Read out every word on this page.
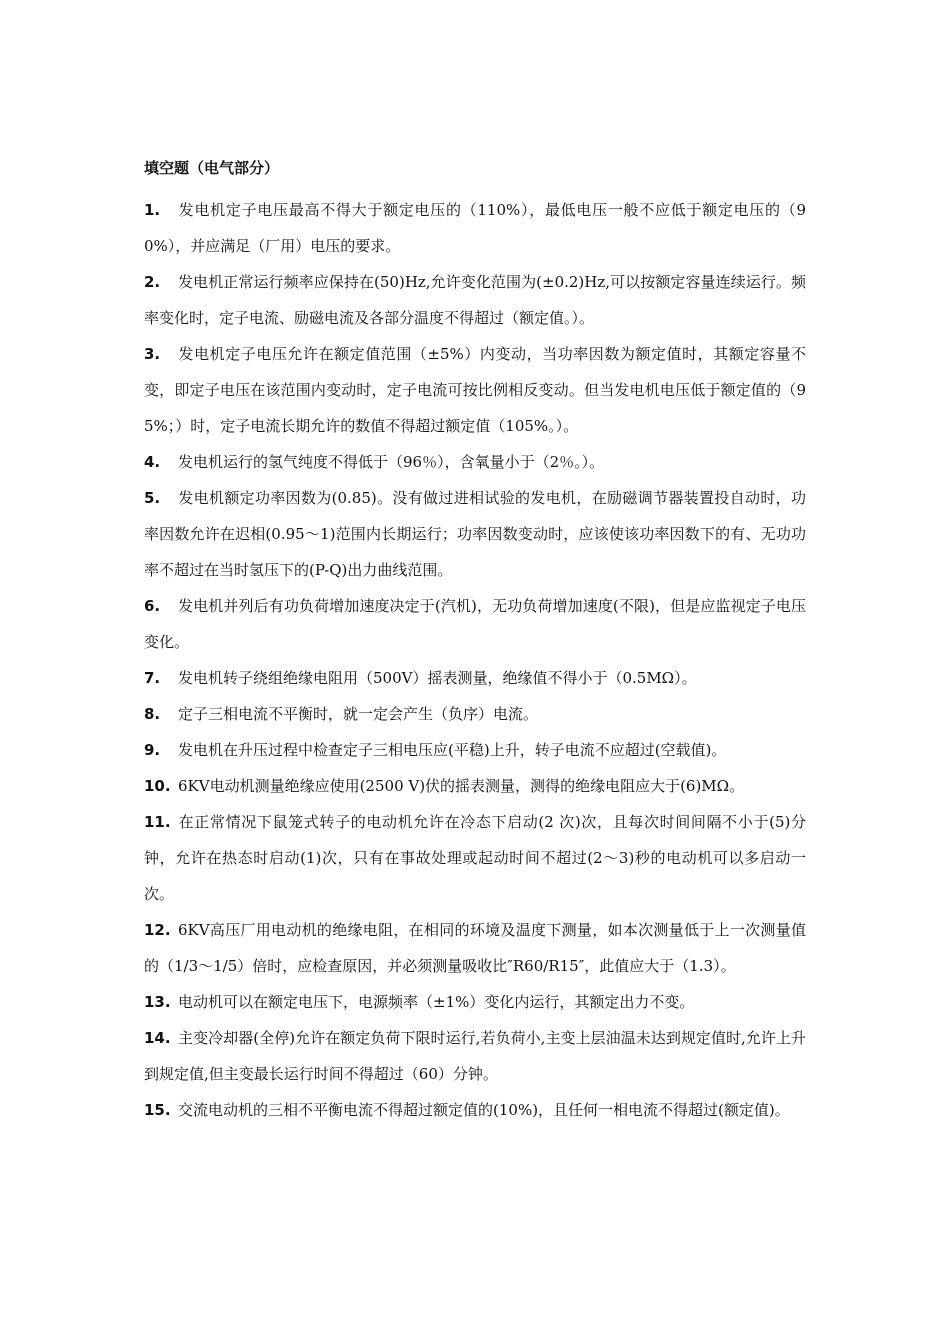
填空题（电气部分）

1. 发电机定子电压最高不得大于额定电压的（110%），最低电压一般不应低于额定电压的（90%），并应满足（厂用）电压的要求。

2. 发电机正常运行频率应保持在(50)Hz,允许变化范围为(±0.2)Hz,可以按额定容量连续运行。频率变化时，定子电流、励磁电流及各部分温度不得超过（额定值。）。

3. 发电机定子电压允许在额定值范围（±5%）内变动，当功率因数为额定值时，其额定容量不变，即定子电压在该范围内变动时，定子电流可按比例相反变动。但当发电机电压低于额定值的（95%；）时，定子电流长期允许的数值不得超过额定值（105%。）。

4. 发电机运行的氢气纯度不得低于（96％），含氧量小于（2％。）。

5. 发电机额定功率因数为(0.85)。没有做过进相试验的发电机，在励磁调节器装置投自动时，功率因数允许在迟相(0.95～1)范围内长期运行；功率因数变动时，应该使该功率因数下的有、无功功率不超过在当时氢压下的(P-Q)出力曲线范围。

6. 发电机并列后有功负荷增加速度决定于(汽机)，无功负荷增加速度(不限)，但是应监视定子电压变化。

7. 发电机转子绕组绝缘电阻用（500V）摇表测量，绝缘值不得小于（0.5MΩ）。

8. 定子三相电流不平衡时，就一定会产生（负序）电流。

9. 发电机在升压过程中检查定子三相电压应(平稳)上升，转子电流不应超过(空载值)。

10. 6KV电动机测量绝缘应使用(2500 V)伏的摇表测量，测得的绝缘电阻应大于(6)MΩ。

11. 在正常情况下鼠笼式转子的电动机允许在冷态下启动(2 次)次，且每次时间间隔不小于(5)分钟，允许在热态时启动(1)次，只有在事故处理或起动时间不超过(2～3)秒的电动机可以多启动一次。

12. 6KV高压厂用电动机的绝缘电阻，在相同的环境及温度下测量，如本次测量低于上一次测量值的（1/3～1/5）倍时，应检查原因，并必须测量吸收比″R60/R15″，此值应大于（1.3）。

13. 电动机可以在额定电压下，电源频率（±1%）变化内运行，其额定出力不变。

14. 主变冷却器(全停)允许在额定负荷下限时运行,若负荷小,主变上层油温未达到规定值时,允许上升到规定值,但主变最长运行时间不得超过（60）分钟。

15. 交流电动机的三相不平衡电流不得超过额定值的(10%)，且任何一相电流不得超过(额定值)。
